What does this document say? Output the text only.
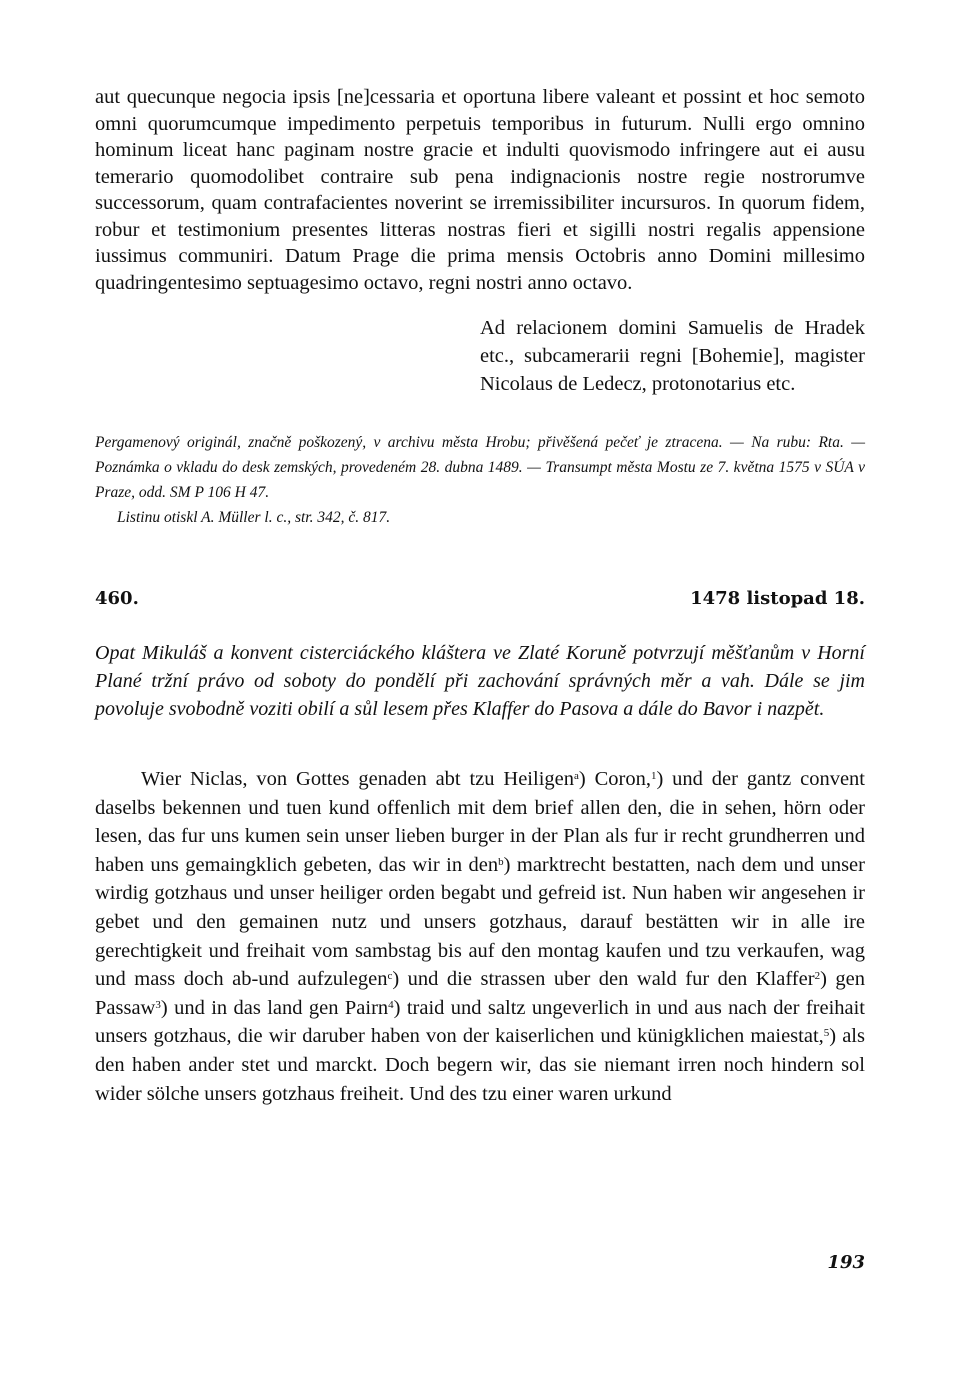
aut quecunque negocia ipsis [ne]cessaria et oportuna libere valeant et possint et hoc semoto omni quorumcumque impedimento perpetuis temporibus in futurum. Nulli ergo omnino hominum liceat hanc paginam nostre gracie et indulti quovismodo infringere aut ei ausu temerario quomodolibet contraire sub pena indignacionis nostre regie nostrorumve successorum, quam contrafacientes noverint se irremissibiliter incursuros. In quorum fidem, robur et testimonium presentes litteras nostras fieri et sigilli nostri regalis appensione iussimus communiri. Datum Prage die prima mensis Octobris anno Domini millesimo quadringentesimo septuagesimo octavo, regni nostri anno octavo.

Ad relacionem domini Samuelis de Hradek etc., subcamerarii regni [Bohemie], magister Nicolaus de Ledecz, protonotarius etc.
Pergamenový originál, značně poškozený, v archivu města Hrobu; přivěšená pečeť je ztracena. — Na rubu: Rta. — Poznámka o vkladu do desk zemských, provedeném 28. dubna 1489. — Transumpt města Mostu ze 7. května 1575 v SÚA v Praze, odd. SM P 106 H 47.
Listinu otiskl A. Müller l. c., str. 342, č. 817.
460.	1478 listopad 18.

Opat Mikuláš a konvent cisterciáckého kláštera ve Zlaté Koruně potvrzují měšťanům v Horní Plané tržní právo od soboty do pondělí při zachování správných měr a vah. Dále se jim povoluje svobodně voziti obilí a sůl lesem přes Klaffer do Pasova a dále do Bavor i nazpět.

Wier Niclas, von Gottes genaden abt tzu Heiligen$^a$) Coron,$^1$) und der gantz convent daselbs bekennen und tuen kund offenlich mit dem brief allen den, die in sehen, hörn oder lesen, das fur uns kumen sein unser lieben burger in der Plan als fur ir recht grundherren und haben uns gemaingklich gebeten, das wir in den$^b$) marktrecht bestatten, nach dem und unser wirdig gotzhaus und unser heiliger orden begabt und gefreid ist. Nun haben wir angesehen ir gebet und den gemainen nutz und unsers gotzhaus, darauf bestätten wir in alle ire gerechtigkeit und freihait vom sambstag bis auf den montag kaufen und tzu verkaufen, wag und mass doch ab-und aufzulegen$^c$) und die strassen uber den wald fur den Klaffer$^2$) gen Passaw$^3$) und in das land gen Pairn$^4$) traid und saltz ungeverlich in und aus nach der freihait unsers gotzhaus, die wir daruber haben von der kaiserlichen und künigklichen maiestat,$^5$) als den haben ander stet und marckt. Doch begern wir, das sie niemant irren noch hindern sol wider sölche unsers gotzhaus freiheit. Und des tzu einer waren urkund

193
